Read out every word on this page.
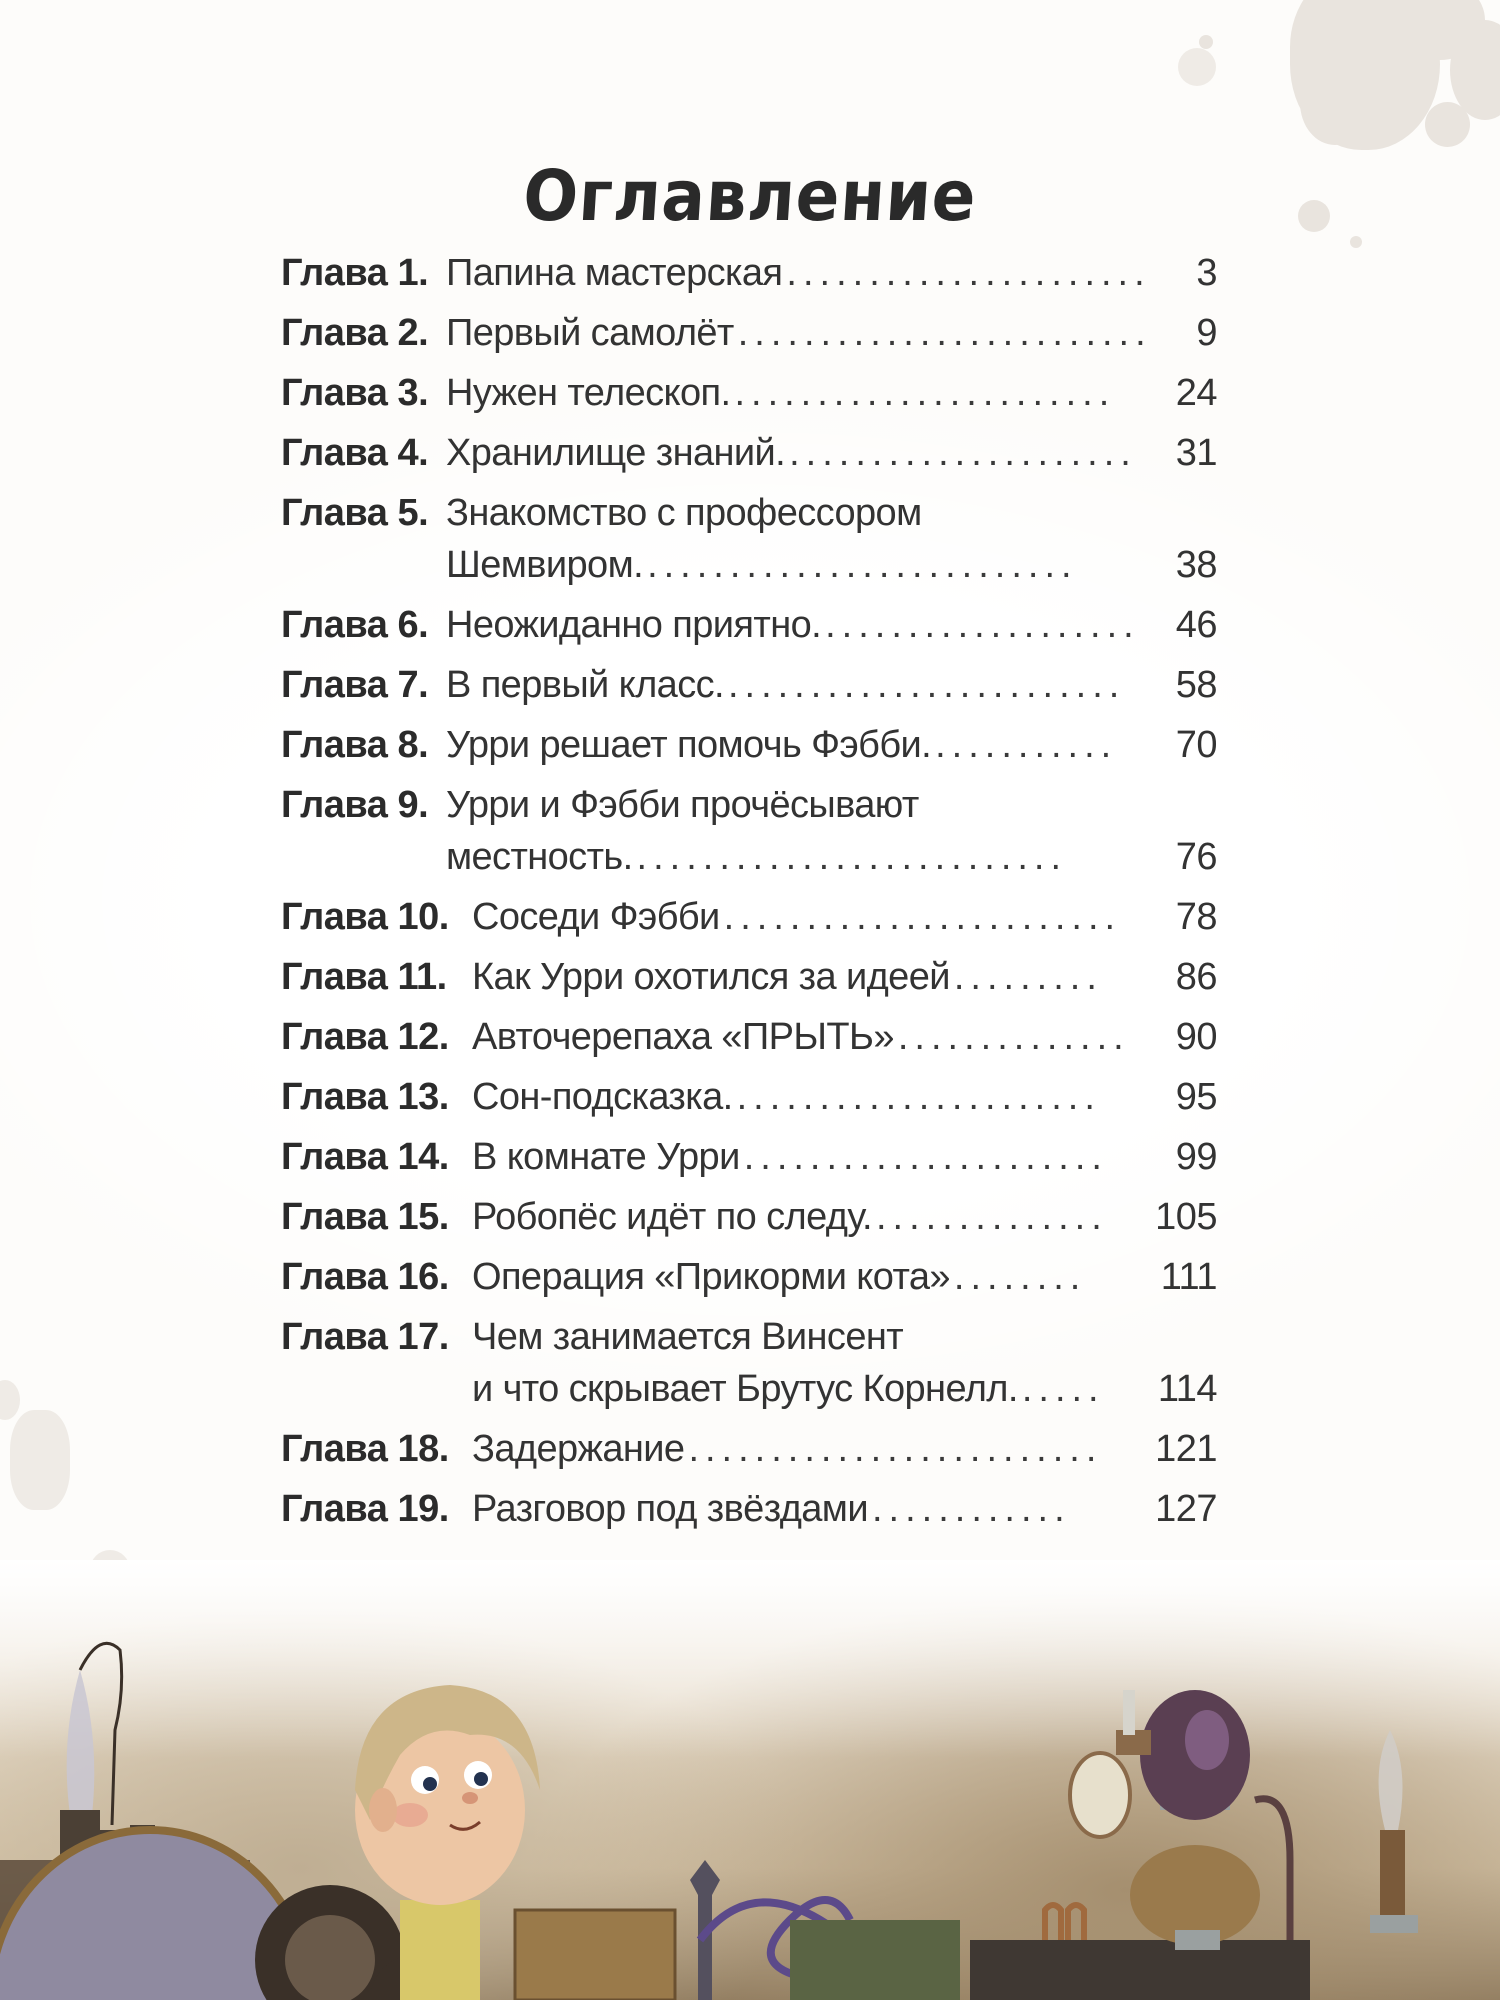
Оглавление
Глава 1. Папина мастерская ......................	3
Глава 2. Первый самолёт .........................	9
Глава 3. Нужен телескоп. .......................	24
Глава 4. Хранилище знаний. .....................	31
Глава 5. Знакомство с профессором
Шемвиром. ..........................	38
Глава 6. Неожиданно приятно. ................... 46
Глава 7. В первый класс. ........................	58
Глава 8. Урри решает помочь Фэбби. ...........	70
Глава 9. Урри и Фэбби прочёсывают
местность. ..........................	76
Глава 10. Соседи Фэбби ........................	78
Глава 11. Как Урри охотился за идеей .........	86
Глава 12. Авточерепаха «ПРЫТЬ» ..............	90
Глава 13. Сон-подсказка. ......................	95
Глава 14. В комнате Урри ......................	99
Глава 15. Робопёс идёт по следу. ..............	105
Глава 16. Операция «Прикорми кота» ........	111
Глава 17. Чем занимается Винсент
и что скрывает Брутус Корнелл. .....	114
Глава 18. Задержание .........................	121
Глава 19. Разговор под звёздами ............	127
